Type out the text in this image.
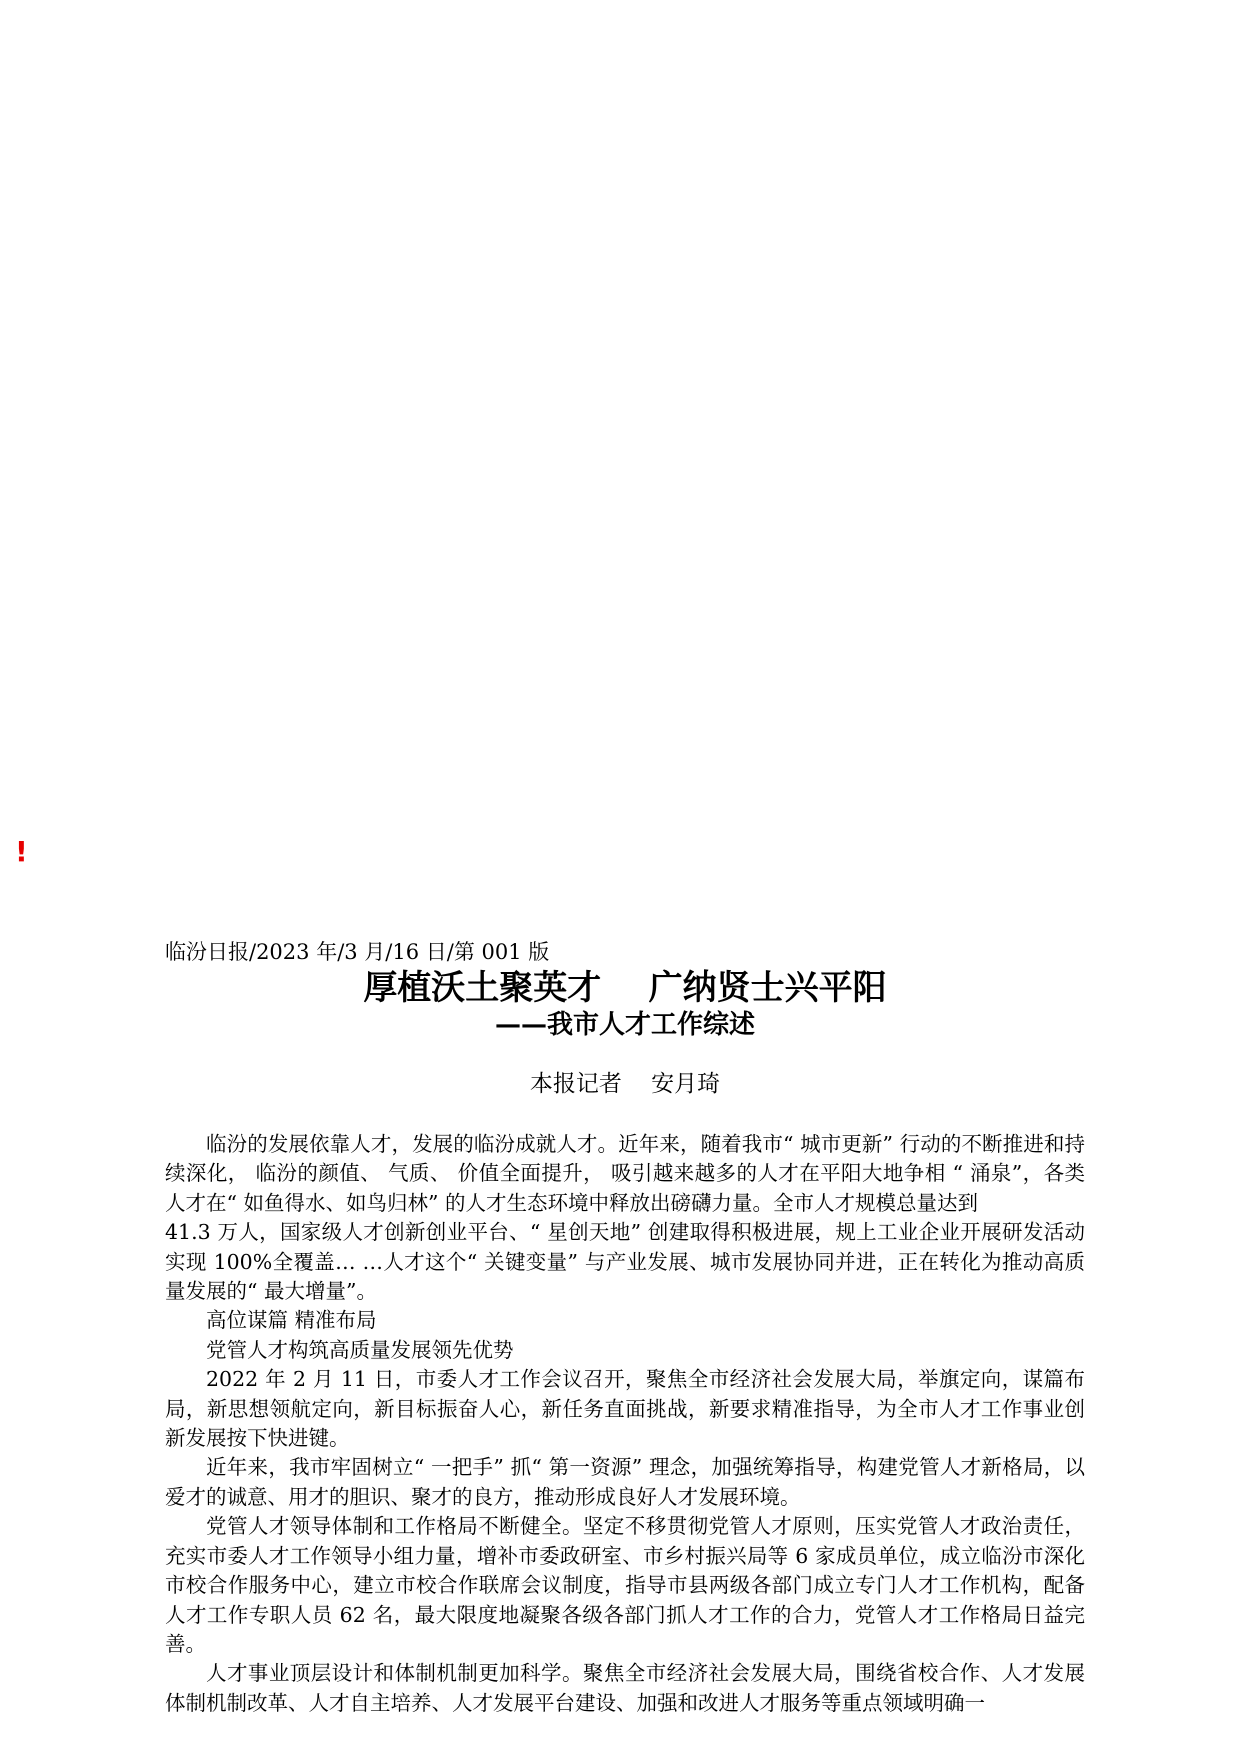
!
临汾日报/2023 年/3 月/16 日/第 001 版
厚植沃土聚英才    广纳贤士兴平阳
——我市人才工作综述
本报记者    安月琦

临汾的发展依靠人才，发展的临汾成就人才。近年来，随着我市“ 城市更新” 行动的不断推进和持续深化， 临汾的颜值、 气质、 价值全面提升， 吸引越来越多的人才在平阳大地争相 “ 涌泉”，各类人才在“ 如鱼得水、如鸟归林” 的人才生态环境中释放出磅礴力量。全市人才规模总量达到

41.3 万人，国家级人才创新创业平台、“ 星创天地” 创建取得积极进展，规上工业企业开展研发活动实现 100%全覆盖… …人才这个“ 关键变量” 与产业发展、城市发展协同并进，正在转化为推动高质量发展的“ 最大增量”。

高位谋篇 精准布局

党管人才构筑高质量发展领先优势

2022 年 2 月 11 日，市委人才工作会议召开，聚焦全市经济社会发展大局，举旗定向，谋篇布局，新思想领航定向，新目标振奋人心，新任务直面挑战，新要求精准指导，为全市人才工作事业创新发展按下快进键。

近年来，我市牢固树立“ 一把手” 抓“ 第一资源” 理念，加强统筹指导，构建党管人才新格局，以爱才的诚意、用才的胆识、聚才的良方，推动形成良好人才发展环境。

党管人才领导体制和工作格局不断健全。坚定不移贯彻党管人才原则，压实党管人才政治责任，充实市委人才工作领导小组力量，增补市委政研室、市乡村振兴局等 6 家成员单位，成立临汾市深化市校合作服务中心，建立市校合作联席会议制度，指导市县两级各部门成立专门人才工作机构，配备人才工作专职人员 62 名，最大限度地凝聚各级各部门抓人才工作的合力，党管人才工作格局日益完善。

人才事业顶层设计和体制机制更加科学。聚焦全市经济社会发展大局，围绕省校合作、人才发展体制机制改革、人才自主培养、人才发展平台建设、加强和改进人才服务等重点领域明确一
